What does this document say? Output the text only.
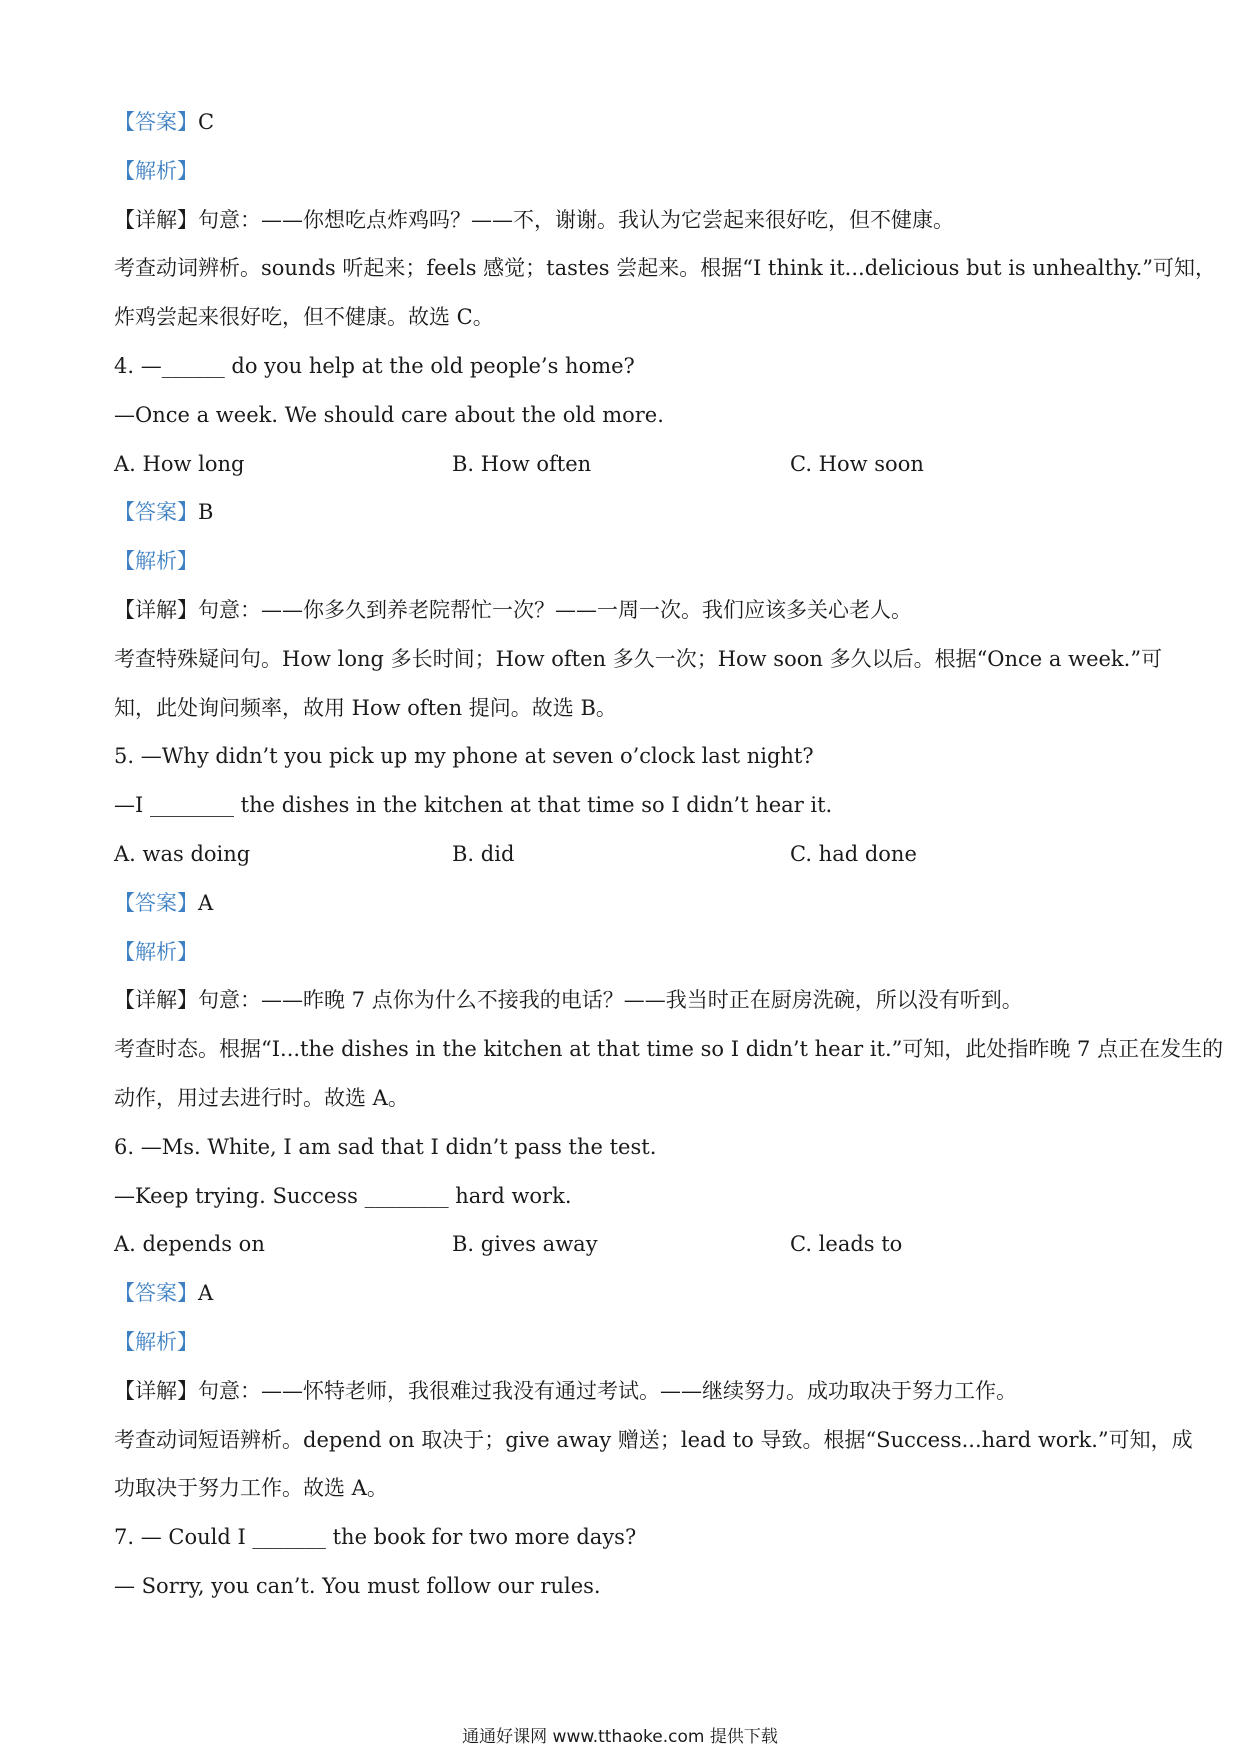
【答案】C
【解析】
【详解】句意：——你想吃点炸鸡吗？——不，谢谢。我认为它尝起来很好吃，但不健康。
考查动词辨析。sounds 听起来；feels 感觉；tastes 尝起来。根据“I think it...delicious but is unhealthy.”可知，
炸鸡尝起来很好吃，但不健康。故选 C。
4. —______ do you help at the old people’s home?
—Once a week. We should care about the old more.
A. How long	B. How often	C. How soon
【答案】B
【解析】
【详解】句意：——你多久到养老院帮忙一次？——一周一次。我们应该多关心老人。
考查特殊疑问句。How long 多长时间；How often 多久一次；How soon 多久以后。根据“Once a week.”可
知，此处询问频率，故用 How often 提问。故选 B。
5. —Why didn’t you pick up my phone at seven o’clock last night?
—I ________ the dishes in the kitchen at that time so I didn’t hear it.
A. was doing	B. did	C. had done
【答案】A
【解析】
【详解】句意：——昨晚 7 点你为什么不接我的电话？——我当时正在厨房洗碗，所以没有听到。
考查时态。根据“I...the dishes in the kitchen at that time so I didn’t hear it.”可知，此处指昨晚 7 点正在发生的
动作，用过去进行时。故选 A。
6. —Ms. White, I am sad that I didn’t pass the test.
—Keep trying. Success ________ hard work.
A. depends on	B. gives away	C. leads to
【答案】A
【解析】
【详解】句意：——怀特老师，我很难过我没有通过考试。——继续努力。成功取决于努力工作。
考查动词短语辨析。depend on 取决于；give away 赠送；lead to 导致。根据“Success...hard work.”可知，成
功取决于努力工作。故选 A。
7. — Could I _______ the book for two more days?
— Sorry, you can’t. You must follow our rules.
通通好课网 www.tthaoke.com 提供下载
